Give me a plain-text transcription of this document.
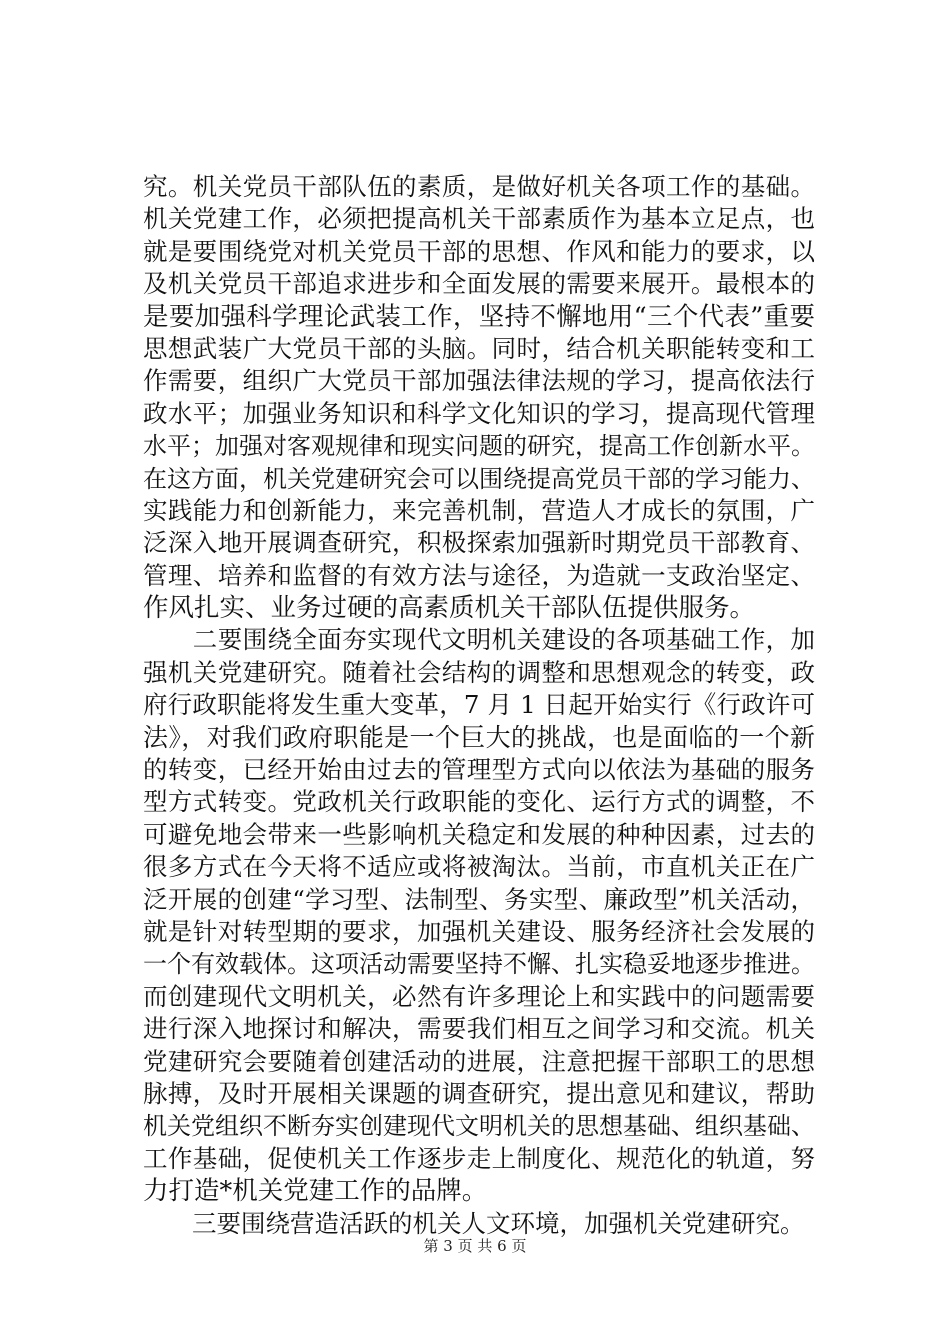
究。机关党员干部队伍的素质，是做好机关各项工作的基础。
机关党建工作，必须把提高机关干部素质作为基本立足点，也
就是要围绕党对机关党员干部的思想、作风和能力的要求，以
及机关党员干部追求进步和全面发展的需要来展开。最根本的
是要加强科学理论武装工作，坚持不懈地用“三个代表”重要
思想武装广大党员干部的头脑。同时，结合机关职能转变和工
作需要，组织广大党员干部加强法律法规的学习，提高依法行
政水平；加强业务知识和科学文化知识的学习，提高现代管理
水平；加强对客观规律和现实问题的研究，提高工作创新水平。
在这方面，机关党建研究会可以围绕提高党员干部的学习能力、
实践能力和创新能力，来完善机制，营造人才成长的氛围，广
泛深入地开展调查研究，积极探索加强新时期党员干部教育、
管理、培养和监督的有效方法与途径，为造就一支政治坚定、
作风扎实、业务过硬的高素质机关干部队伍提供服务。
　　二要围绕全面夯实现代文明机关建设的各项基础工作，加
强机关党建研究。随着社会结构的调整和思想观念的转变，政
府行政职能将发生重大变革，7 月 1 日起开始实行《行政许可
法》，对我们政府职能是一个巨大的挑战，也是面临的一个新
的转变，已经开始由过去的管理型方式向以依法为基础的服务
型方式转变。党政机关行政职能的变化、运行方式的调整，不
可避免地会带来一些影响机关稳定和发展的种种因素，过去的
很多方式在今天将不适应或将被淘汰。当前，市直机关正在广
泛开展的创建“学习型、法制型、务实型、廉政型”机关活动，
就是针对转型期的要求，加强机关建设、服务经济社会发展的
一个有效载体。这项活动需要坚持不懈、扎实稳妥地逐步推进。
而创建现代文明机关，必然有许多理论上和实践中的问题需要
进行深入地探讨和解决，需要我们相互之间学习和交流。机关
党建研究会要随着创建活动的进展，注意把握干部职工的思想
脉搏，及时开展相关课题的调查研究，提出意见和建议，帮助
机关党组织不断夯实创建现代文明机关的思想基础、组织基础、
工作基础，促使机关工作逐步走上制度化、规范化的轨道，努
力打造*机关党建工作的品牌。
　　三要围绕营造活跃的机关人文环境，加强机关党建研究。
第 3 页 共 6 页
